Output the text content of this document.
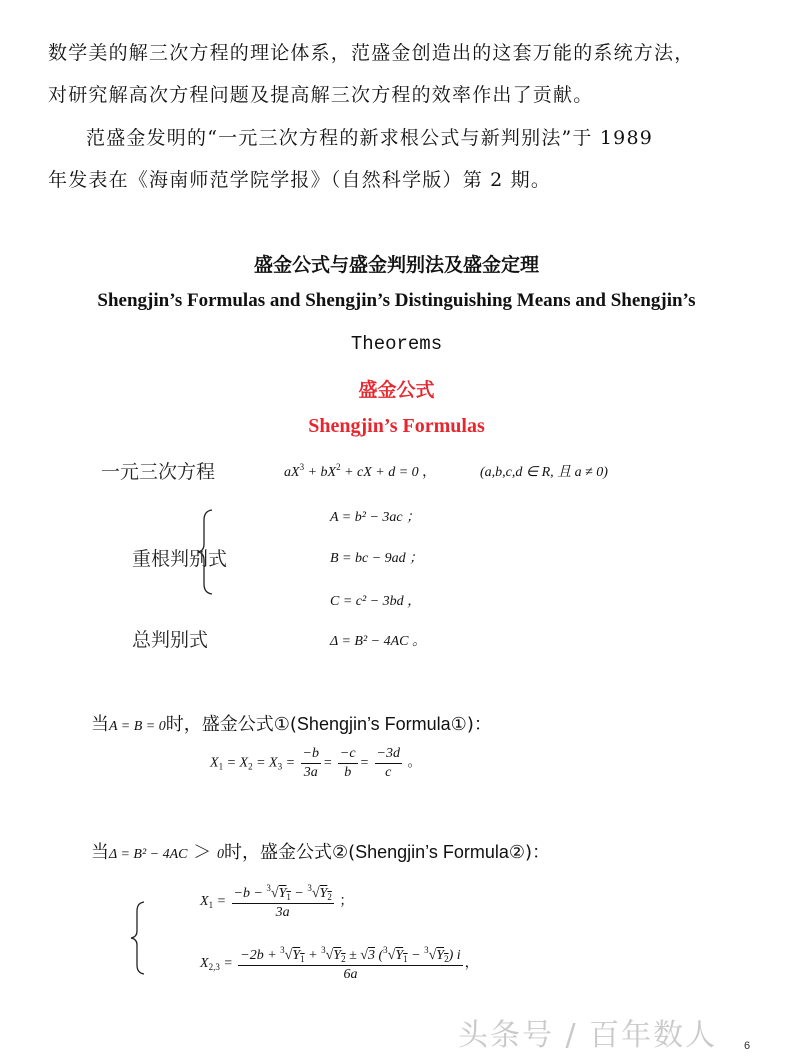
数学美的解三次方程的理论体系，范盛金创造出的这套万能的系统方法，
对研究解高次方程问题及提高解三次方程的效率作出了贡献。
范盛金发明的“一元三次方程的新求根公式与新判别法”于 1989
年发表在《海南师范学院学报》（自然科学版）第 2 期。
盛金公式与盛金判别法及盛金定理
Shengjin’s Formulas and Shengjin’s Distinguishing Means and Shengjin’s
Theorems
盛金公式
Shengjin’s Formulas
一元三次方程	$aX^3 + bX^2$ + cX + d = 0 ，	(a,b,c,d ∈ R, 且 a ≠ 0)
重根判别式
A = b² − 3ac ；
B = bc − 9ad ；
C = c² − 3bd ，
总判别式	Δ = B² − 4AC 。
当A = B = 0时，盛金公式①(Shengjin’s Formula①)：
$X_1 = X_2 = X_3 = \frac{-b}{3a} = \frac{-c}{b} = \frac{-3d}{c}$ 。
当Δ = B² − 4AC ＞ 0时，盛金公式②(Shengjin’s Formula②)：
$X_1 = \frac{-b - ^3√Y_1 - ^3√Y_2}{3a}$ ；
$X_{2,3} = \frac{-2b + ^3√Y_1 + ^3√Y_2 \pm √3 (^3√Y_1 - ^3√Y_2) i}{6a}$ ，
头条号 / 百年数人 6
